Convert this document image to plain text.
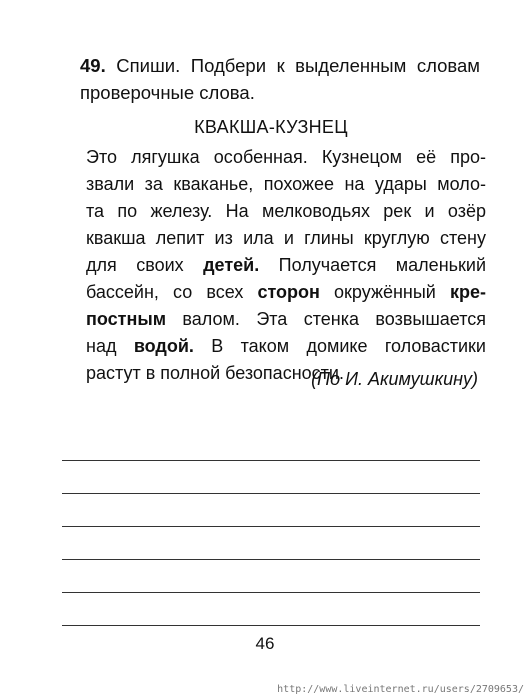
49. Спиши. Подбери к выделенным словам проверочные слова.
КВАКША-КУЗНЕЦ
Это лягушка особенная. Кузнецом её про-
звали за кваканье, похожее на удары моло-
та по железу. На мелководьях рек и озёр
квакша лепит из ила и глины круглую стену
для своих детей. Получается маленький
бассейн, со всех сторон окружённый кре-
постным валом. Эта стенка возвышается
над водой. В таком домике головастики
растут в полной безопасности.
(По И. Акимушкину)
46
http://www.liveinternet.ru/users/2709653/
